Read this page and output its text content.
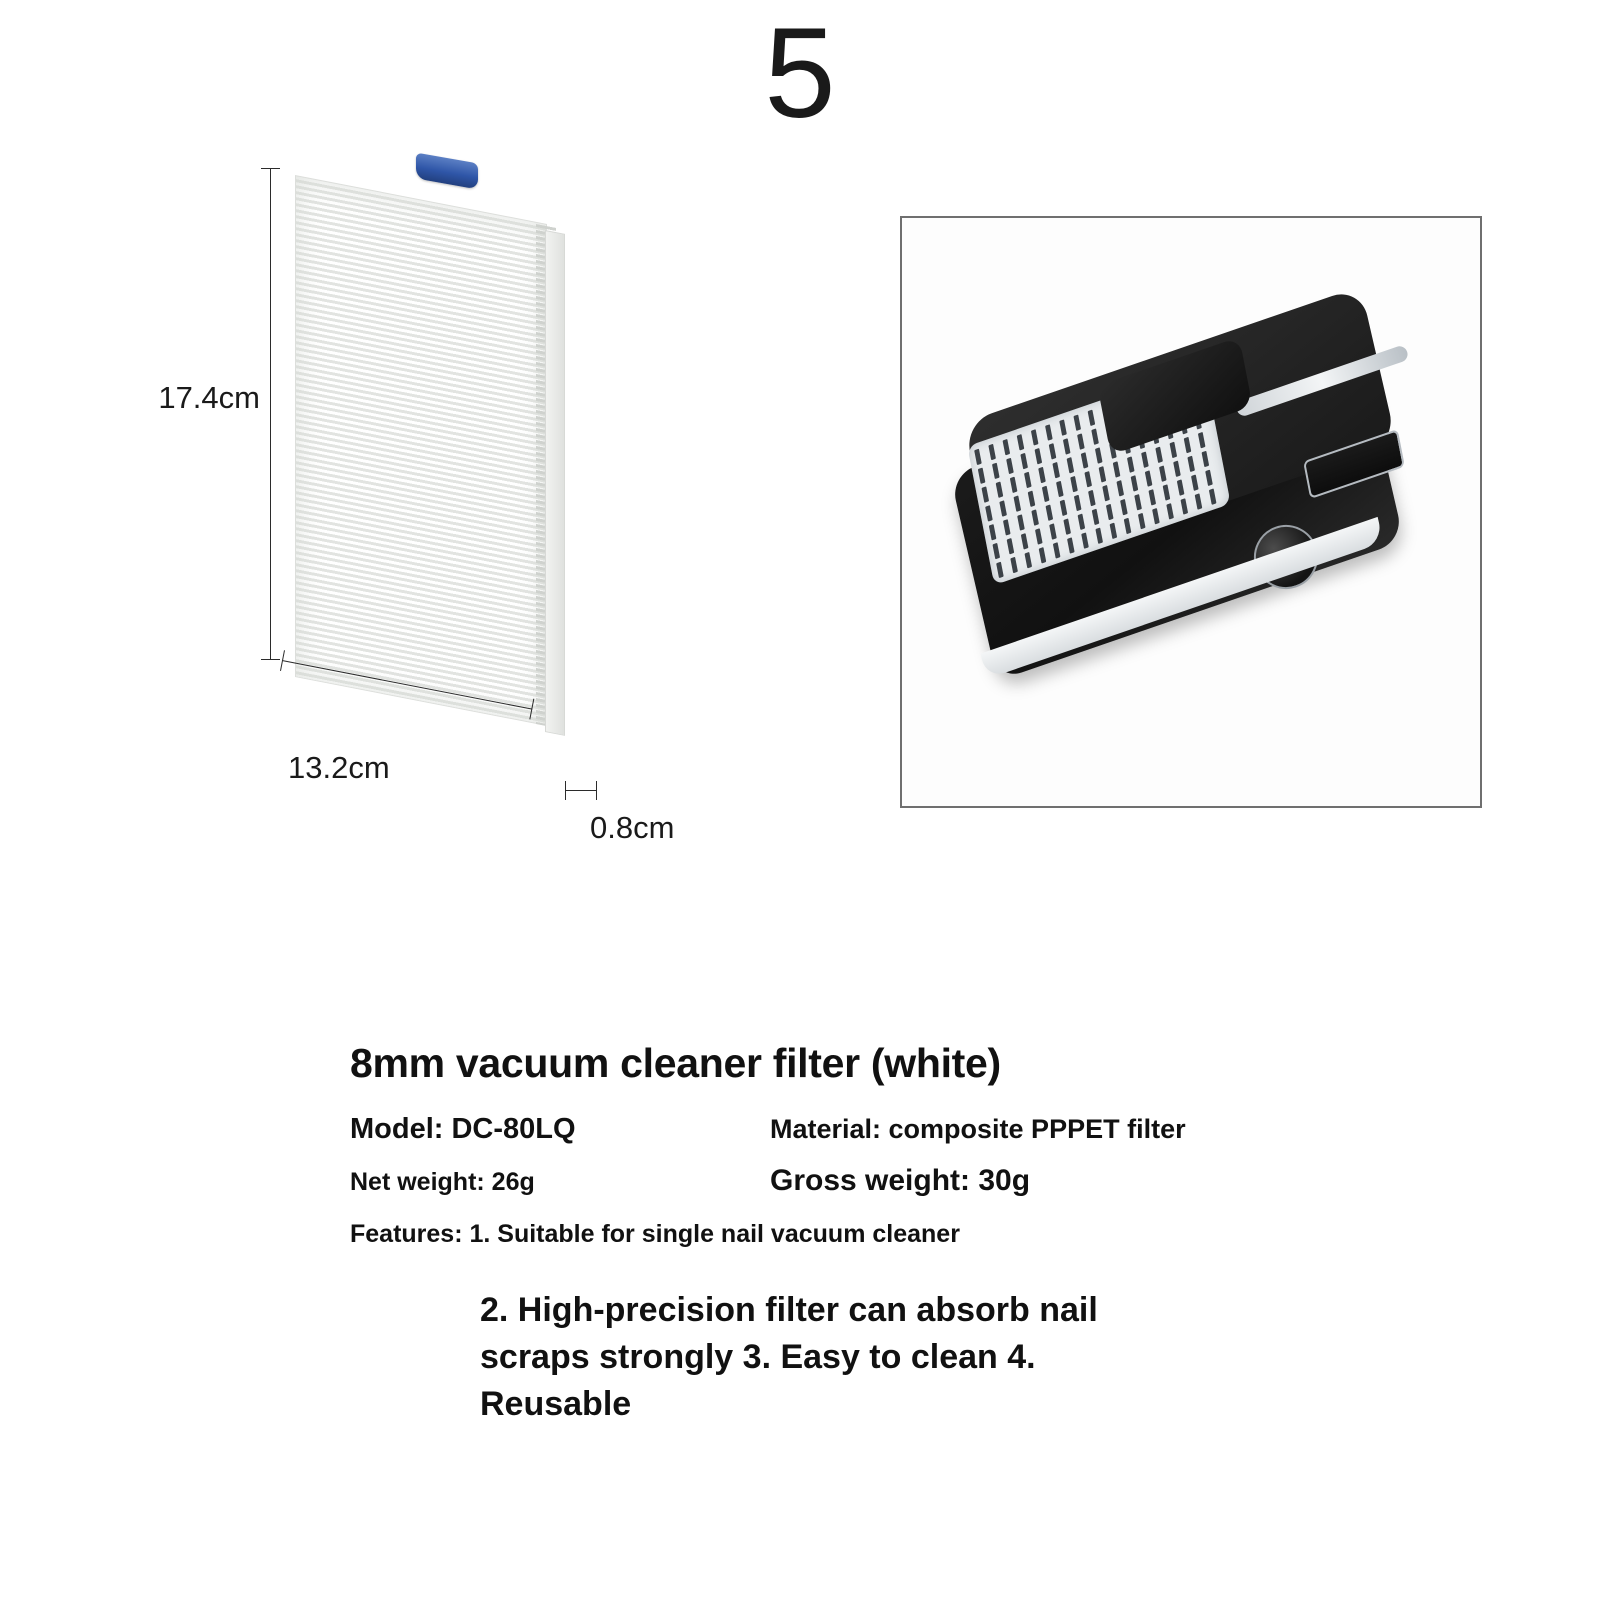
5
17.4cm
13.2cm
0.8cm
8mm vacuum cleaner filter (white)
Model: DC-80LQ	Material: composite PPPET filter
Net weight: 26g	Gross weight: 30g
Features: 1. Suitable for single nail vacuum cleaner
2. High-precision filter can absorb nail scraps strongly 3. Easy to clean 4. Reusable
